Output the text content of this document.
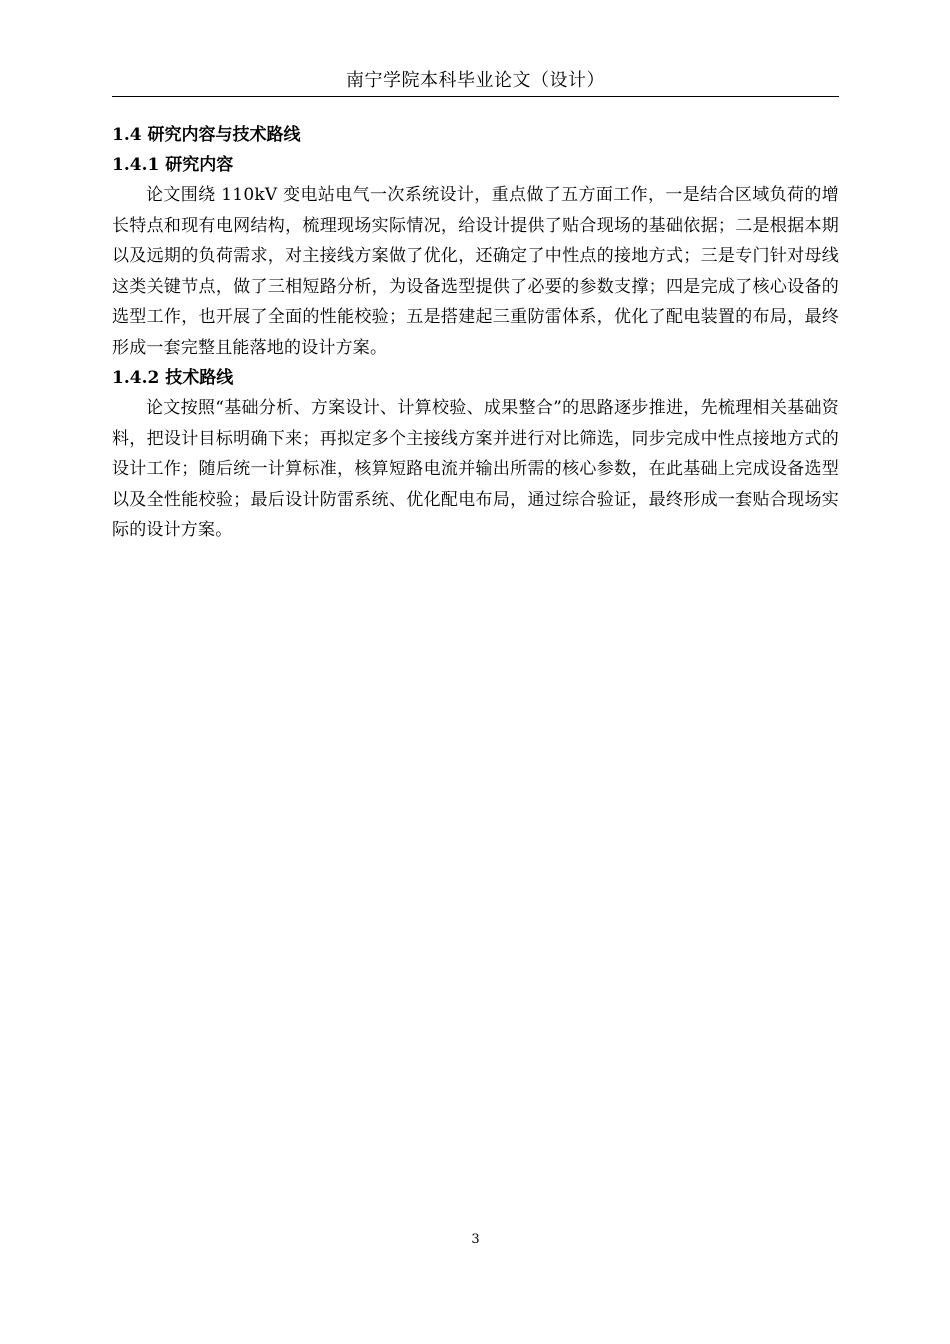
南宁学院本科毕业论文（设计）
1.4 研究内容与技术路线
1.4.1 研究内容

论文围绕 110kV 变电站电气一次系统设计，重点做了五方面工作，一是结合区域负荷的增长特点和现有电网结构，梳理现场实际情况，给设计提供了贴合现场的基础依据；二是根据本期以及远期的负荷需求，对主接线方案做了优化，还确定了中性点的接地方式；三是专门针对母线这类关键节点，做了三相短路分析，为设备选型提供了必要的参数支撑；四是完成了核心设备的选型工作，也开展了全面的性能校验；五是搭建起三重防雷体系，优化了配电装置的布局，最终形成一套完整且能落地的设计方案。

1.4.2 技术路线

论文按照“基础分析、方案设计、计算校验、成果整合”的思路逐步推进，先梳理相关基础资料，把设计目标明确下来；再拟定多个主接线方案并进行对比筛选，同步完成中性点接地方式的设计工作；随后统一计算标准，核算短路电流并输出所需的核心参数，在此基础上完成设备选型以及全性能校验；最后设计防雷系统、优化配电布局，通过综合验证，最终形成一套贴合现场实际的设计方案。

3
